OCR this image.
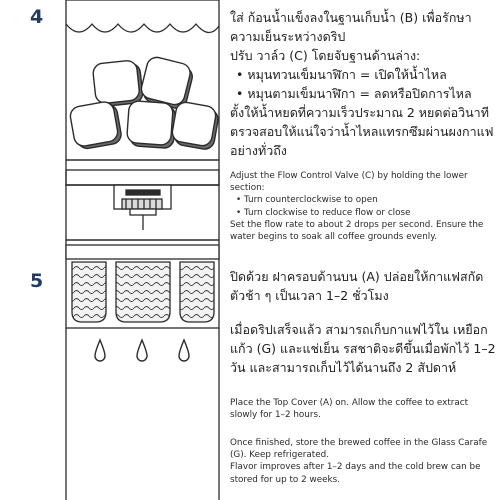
4
5
ใส่ ก้อนน้ำแข็งลงในฐานเก็บน้ำ (B) เพื่อรักษาความเย็นระหว่างดริป
ปรับ วาล์ว (C) โดยจับฐานด้านล่าง:
• หมุนทวนเข็มนาฬิกา = เปิดให้น้ำไหล
• หมุนตามเข็มนาฬิกา = ลดหรือปิดการไหล
ตั้งให้น้ำหยดที่ความเร็วประมาณ 2 หยดต่อวินาที ตรวจสอบให้แน่ใจว่าน้ำไหลแทรกซึมผ่านผงกาแฟอย่างทั่วถึง
Adjust the Flow Control Valve (C) by holding the lower section:
• Turn counterclockwise to open
• Turn clockwise to reduce flow or close
Set the flow rate to about 2 drops per second. Ensure the water begins to soak all coffee grounds evenly.
ปิดด้วย ฝาครอบด้านบน (A) ปล่อยให้กาแฟสกัดตัวช้า ๆ เป็นเวลา 1–2 ชั่วโมง
เมื่อดริปเสร็จแล้ว สามารถเก็บกาแฟไว้ใน เหยือกแก้ว (G) และแช่เย็น รสชาติจะดีขึ้นเมื่อพักไว้ 1–2 วัน และสามารถเก็บไว้ได้นานถึง 2 สัปดาห์
Place the Top Cover (A) on. Allow the coffee to extract slowly for 1–2 hours.
Once finished, store the brewed coffee in the Glass Carafe (G). Keep refrigerated.
Flavor improves after 1–2 days and the cold brew can be stored for up to 2 weeks.
